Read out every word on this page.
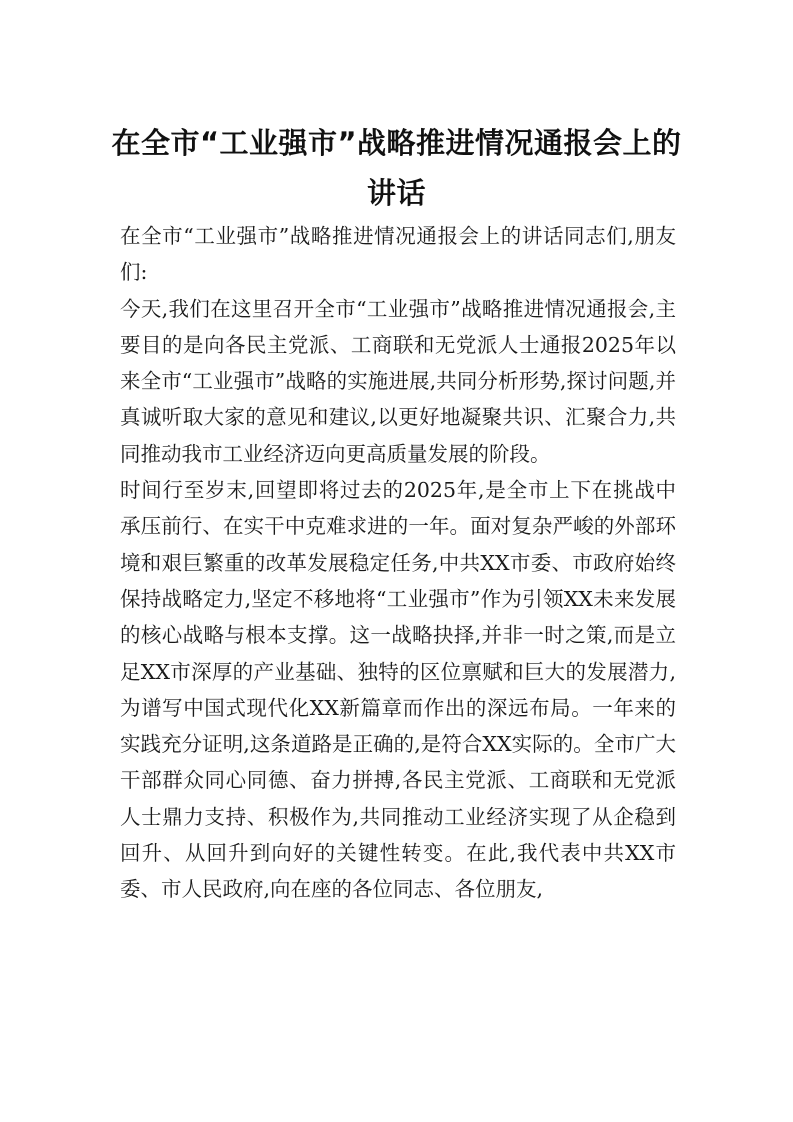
在全市“工业强市”战略推进情况通报会上的讲话

在全市“工业强市”战略推进情况通报会上的讲话同志们,朋友们:

今天,我们在这里召开全市“工业强市”战略推进情况通报会,主要目的是向各民主党派、工商联和无党派人士通报2025年以来全市“工业强市”战略的实施进展,共同分析形势,探讨问题,并真诚听取大家的意见和建议,以更好地凝聚共识、汇聚合力,共同推动我市工业经济迈向更高质量发展的阶段。

时间行至岁末,回望即将过去的2025年,是全市上下在挑战中承压前行、在实干中克难求进的一年。面对复杂严峻的外部环境和艰巨繁重的改革发展稳定任务,中共XX市委、市政府始终保持战略定力,坚定不移地将“工业强市”作为引领XX未来发展的核心战略与根本支撑。这一战略抉择,并非一时之策,而是立足XX市深厚的产业基础、独特的区位禀赋和巨大的发展潜力,为谱写中国式现代化XX新篇章而作出的深远布局。一年来的实践充分证明,这条道路是正确的,是符合XX实际的。全市广大干部群众同心同德、奋力拼搏,各民主党派、工商联和无党派人士鼎力支持、积极作为,共同推动工业经济实现了从企稳到回升、从回升到向好的关键性转变。在此,我代表中共XX市委、市人民政府,向在座的各位同志、各位朋友,
